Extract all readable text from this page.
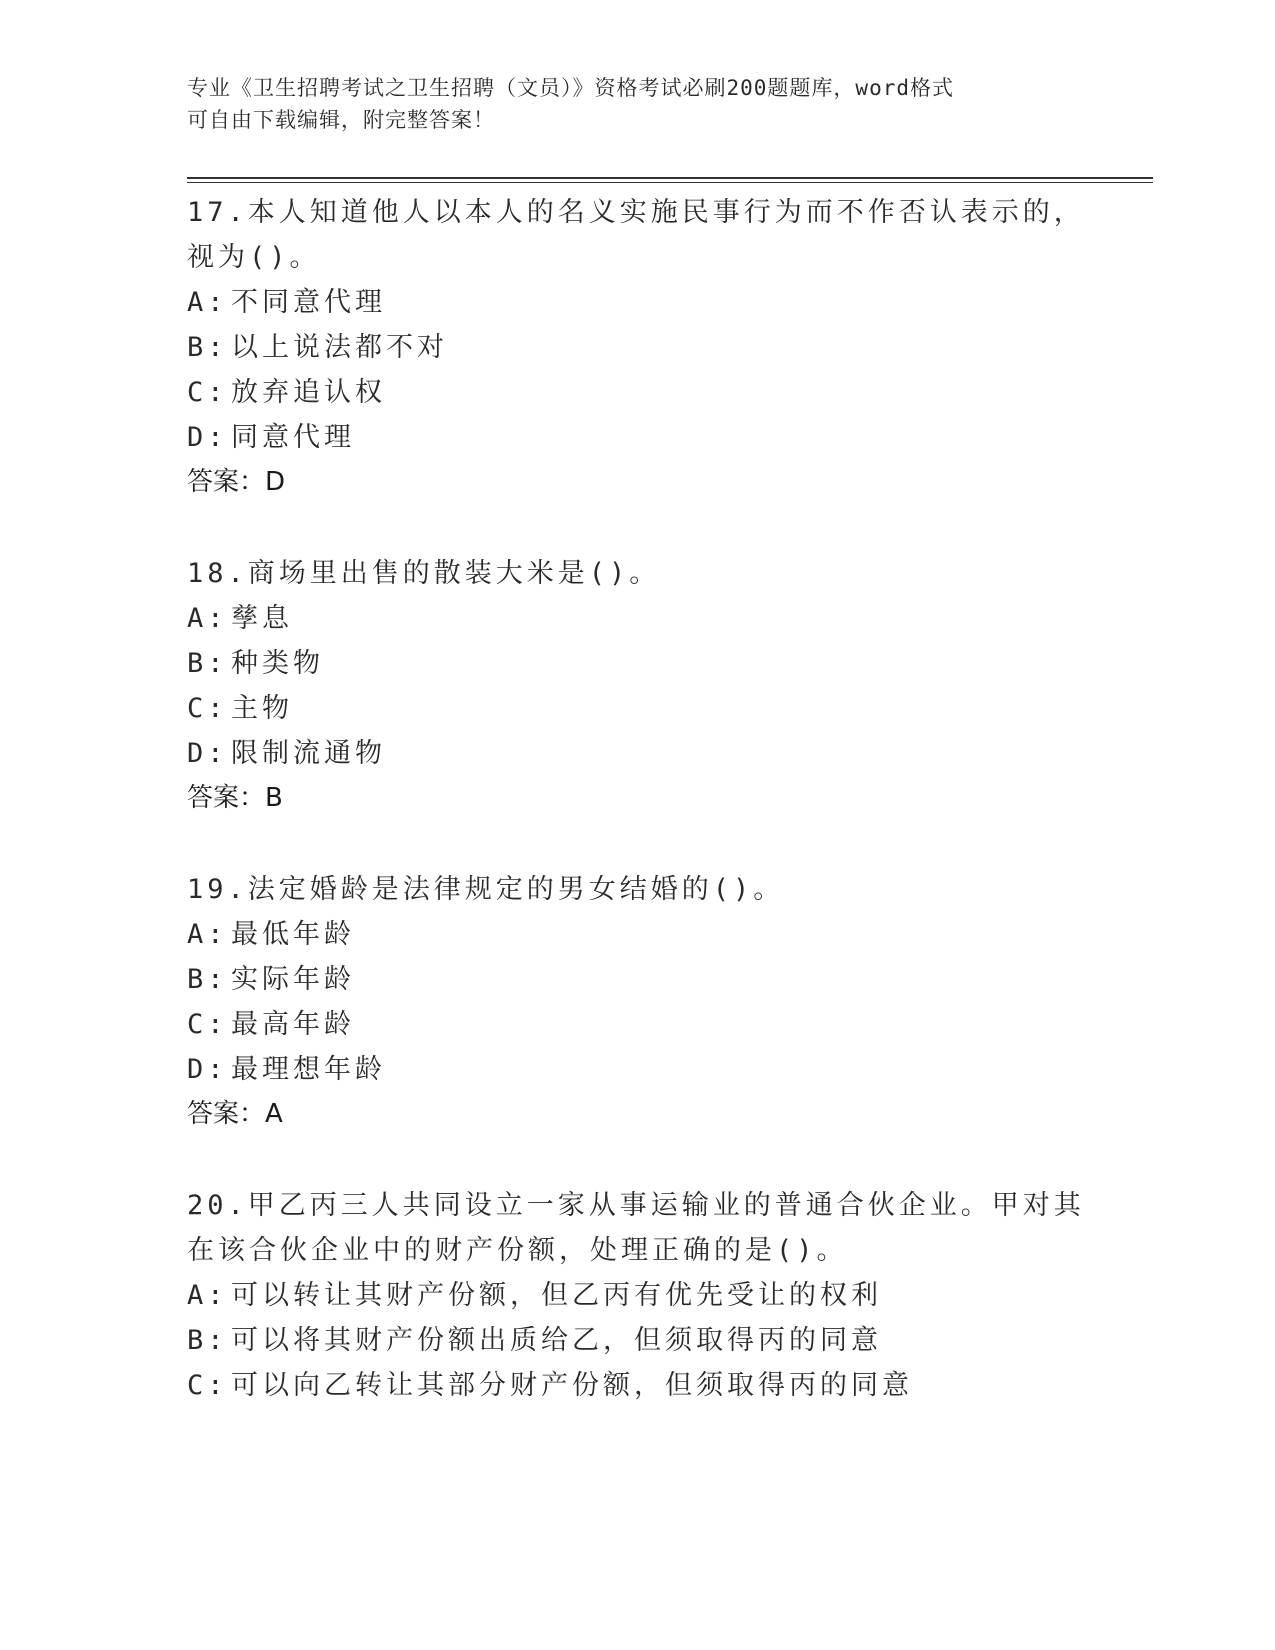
专业《卫生招聘考试之卫生招聘（文员）》资格考试必刷200题题库，word格式
可自由下载编辑，附完整答案！
17.本人知道他人以本人的名义实施民事行为而不作否认表示的，视为()。
A: 不同意代理
B: 以上说法都不对
C: 放弃追认权
D: 同意代理
答案：D
18.商场里出售的散装大米是()。
A: 孳息
B: 种类物
C: 主物
D: 限制流通物
答案：B
19.法定婚龄是法律规定的男女结婚的()。
A: 最低年龄
B: 实际年龄
C: 最高年龄
D: 最理想年龄
答案：A
20.甲乙丙三人共同设立一家从事运输业的普通合伙企业。甲对其在该合伙企业中的财产份额，处理正确的是()。
A: 可以转让其财产份额，但乙丙有优先受让的权利
B: 可以将其财产份额出质给乙，但须取得丙的同意
C: 可以向乙转让其部分财产份额，但须取得丙的同意
